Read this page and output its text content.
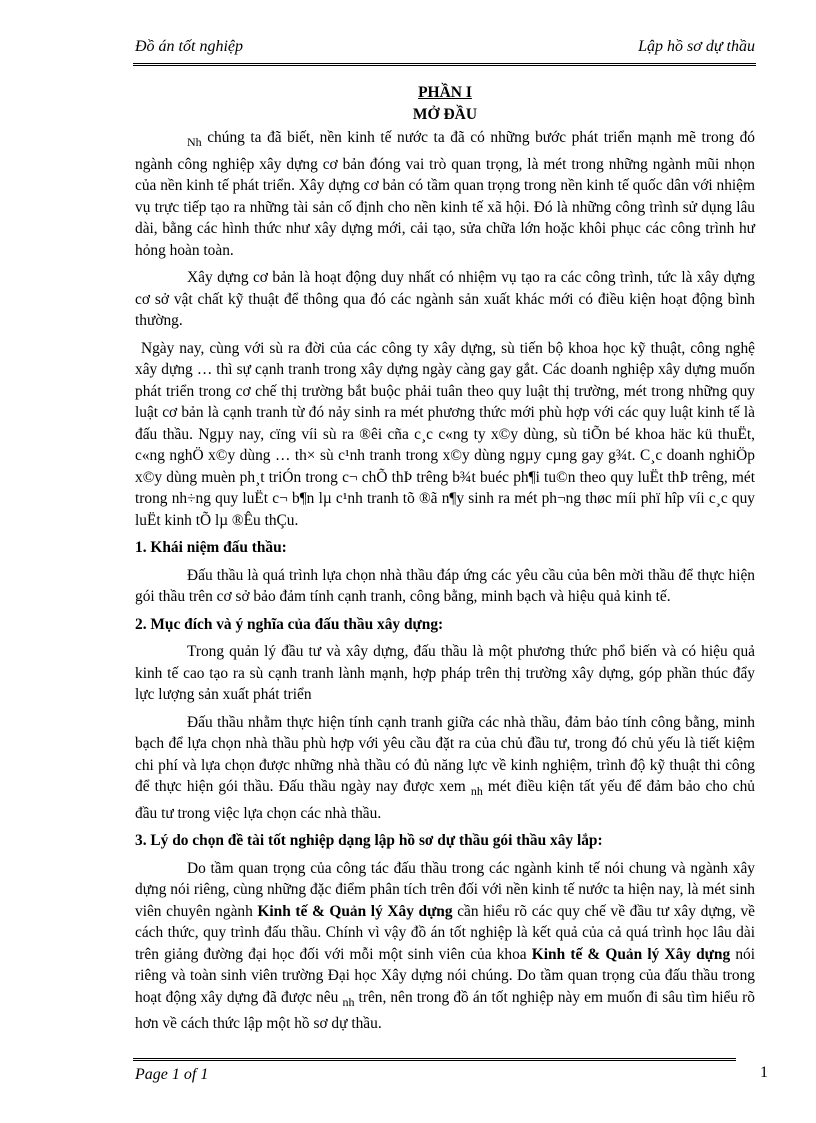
Đồ án tốt nghiệp	Lập hồ sơ dự thầu
PHẦN I
MỞ ĐẦU

$_{Nh}$ chúng ta đã biết, nền kinh tế nước ta đã có những bước phát triển mạnh mẽ trong đó ngành công nghiệp xây dựng cơ bản đóng vai trò quan trọng, là mét trong những ngành mũi nhọn của nền kinh tế phát triển. Xây dựng cơ bản có tầm quan trọng trong nền kinh tế quốc dân với nhiệm vụ trực tiếp tạo ra những tài sản cố định cho nền kinh tế xã hội. Đó là những công trình sử dụng lâu dài, bằng các hình thức như xây dựng mới, cải tạo, sửa chữa lớn hoặc khôi phục các công trình hư hỏng hoàn toàn.

Xây dựng cơ bản là hoạt động duy nhất có nhiệm vụ tạo ra các công trình, tức là xây dựng cơ sở vật chất kỹ thuật để thông qua đó các ngành sản xuất khác mới có điều kiện hoạt động bình thường.

Ngày nay, cùng với sù ra đời của các công ty xây dựng, sù tiến bộ khoa học kỹ thuật, công nghệ xây dựng … thì sự cạnh tranh trong xây dựng ngày càng gay gắt. Các doanh nghiệp xây dựng muốn phát triển trong cơ chế thị trường bắt buộc phải tuân theo quy luật thị trường, mét trong những quy luật cơ bản là cạnh tranh từ đó nảy sinh ra mét phương thức mới phù hợp với các quy luật kinh tế là đấu thầu. Ngµy nay, cïng víi sù ra ®êi cña c¸c c«ng ty x©y dùng, sù tiÕn bé khoa häc kü thuËt, c«ng nghÖ x©y dùng … th× sù c¹nh tranh trong x©y dùng ngµy cµng gay g¾t. C¸c doanh nghiÖp x©y dùng muèn ph¸t triÓn trong c¬ chÕ thÞ trêng b¾t buéc ph¶i tu©n theo quy luËt thÞ trêng, mét trong nh÷ng quy luËt c¬ b¶n lµ c¹nh tranh tõ ®ã n¶y sinh ra mét ph¬ng thøc míi phï hîp víi c¸c quy luËt kinh tÕ lµ ®Êu thÇu.

1. Khái niệm đấu thầu:

Đấu thầu là quá trình lựa chọn nhà thầu đáp ứng các yêu cầu của bên mời thầu để thực hiện gói thầu trên cơ sở bảo đảm tính cạnh tranh, công bằng, minh bạch và hiệu quả kinh tế.

2. Mục đích và ý nghĩa của đấu thầu xây dựng:

Trong quản lý đầu tư và xây dựng, đấu thầu là một phương thức phổ biến và có hiệu quả kinh tế cao tạo ra sù cạnh tranh lành mạnh, hợp pháp trên thị trường xây dựng, góp phần thúc đẩy lực lượng sản xuất phát triển

Đấu thầu nhằm thực hiện tính cạnh tranh giữa các nhà thầu, đảm bảo tính công bằng, minh bạch để lựa chọn nhà thầu phù hợp với yêu cầu đặt ra của chủ đầu tư, trong đó chủ yếu là tiết kiệm chi phí và lựa chọn được những nhà thầu có đủ năng lực về kinh nghiệm, trình độ kỹ thuật thi công để thực hiện gói thầu. Đấu thầu ngày nay được xem $_{nh}$ mét điều kiện tất yếu để đảm bảo cho chủ đầu tư trong việc lựa chọn các nhà thầu.

3. Lý do chọn đề tài tốt nghiệp dạng lập hồ sơ dự thầu gói thầu xây lắp:

Do tầm quan trọng của công tác đấu thầu trong các ngành kinh tế nói chung và ngành xây dựng nói riêng, cùng những đặc điểm phân tích trên đối với nền kinh tế nước ta hiện nay, là mét sinh viên chuyên ngành Kinh tế & Quản lý Xây dựng cần hiểu rõ các quy chế về đầu tư xây dựng, về cách thức, quy trình đấu thầu. Chính vì vậy đồ án tốt nghiệp là kết quả của cả quá trình học lâu dài trên giảng đường đại học đối với mỗi một sinh viên của khoa Kinh tế & Quản lý Xây dựng nói riêng và toàn sinh viên trường Đại học Xây dựng nói chúng. Do tầm quan trọng của đấu thầu trong hoạt động xây dựng đã được nêu $_{nh}$ trên, nên trong đồ án tốt nghiệp này em muốn đi sâu tìm hiểu rõ hơn về cách thức lập một hồ sơ dự thầu.

Page 1 of 1	1
